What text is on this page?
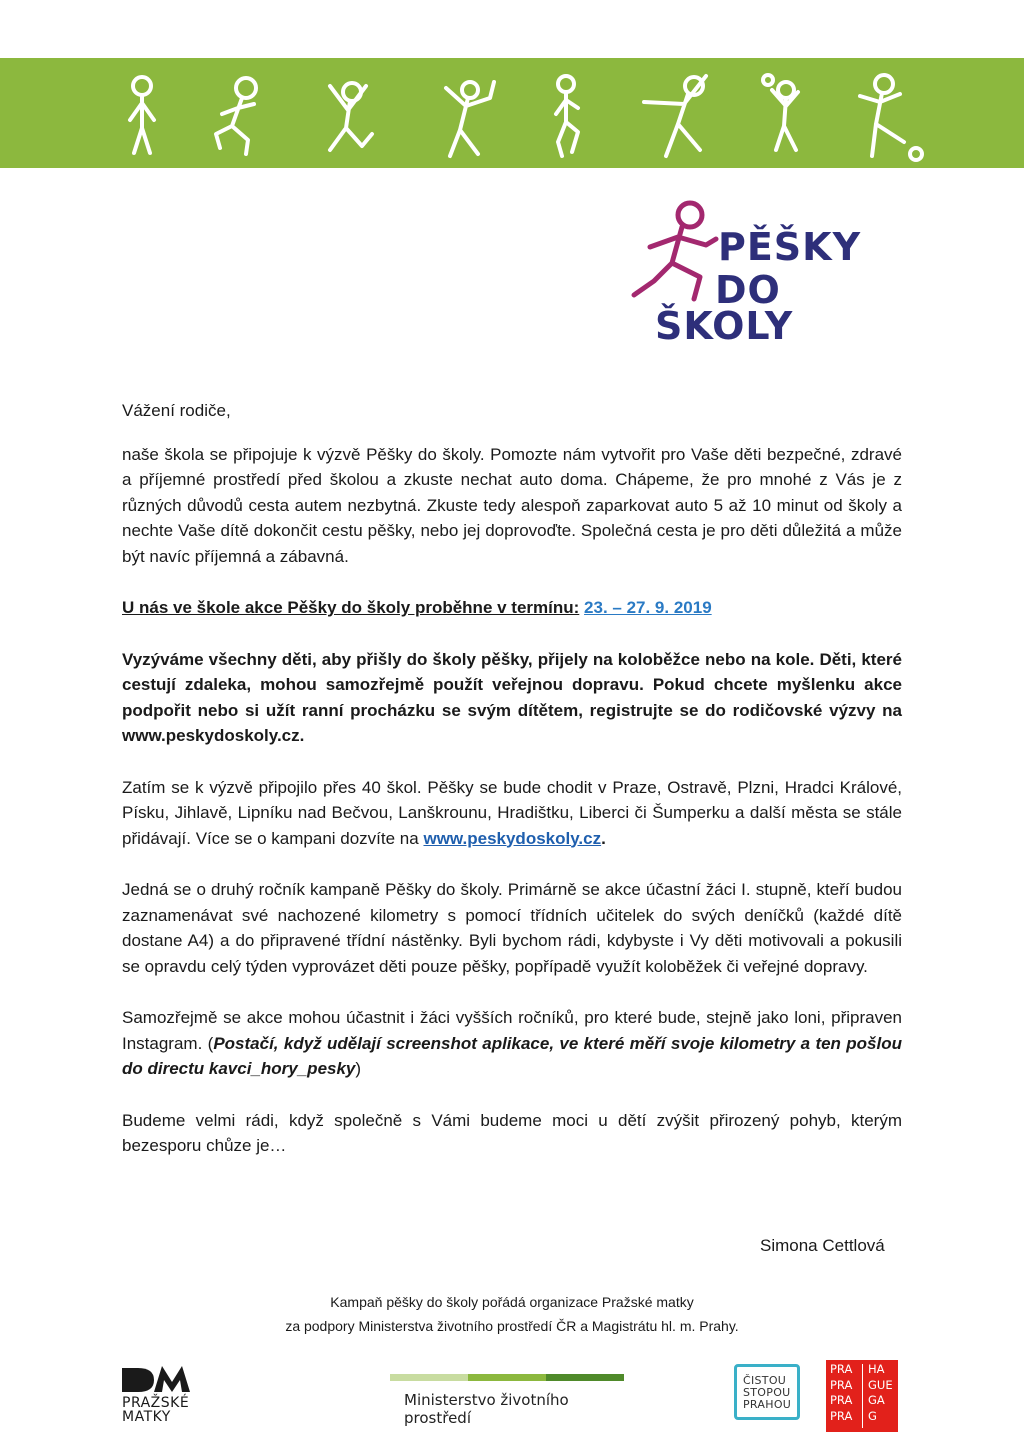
PĚŠKY
DO
ŠKOLY

Vážení rodiče,

naše škola se připojuje k výzvě Pěšky do školy. Pomozte nám vytvořit pro Vaše děti bezpečné, zdravé a příjemné prostředí před školou a zkuste nechat auto doma. Chápeme, že pro mnohé z Vás je z různých důvodů cesta autem nezbytná. Zkuste tedy alespoň zaparkovat auto 5 až 10 minut od školy a nechte Vaše dítě dokončit cestu pěšky, nebo jej doprovoďte. Společná cesta je pro děti důležitá a může být navíc příjemná a zábavná.

U nás ve škole akce Pěšky do školy proběhne v termínu: 23. – 27. 9. 2019

Vyzýváme všechny děti, aby přišly do školy pěšky, přijely na koloběžce nebo na kole. Děti, které cestují zdaleka, mohou samozřejmě použít veřejnou dopravu. Pokud chcete myšlenku akce podpořit nebo si užít ranní procházku se svým dítětem, registrujte se do rodičovské výzvy na www.peskydoskoly.cz.

Zatím se k výzvě připojilo přes 40 škol. Pěšky se bude chodit v Praze, Ostravě, Plzni, Hradci Králové, Písku, Jihlavě, Lipníku nad Bečvou, Lanškrounu, Hradištku, Liberci či Šumperku a další města se stále přidávají. Více se o kampani dozvíte na www.peskydoskoly.cz.

Jedná se o druhý ročník kampaně Pěšky do školy. Primárně se akce účastní žáci I. stupně, kteří budou zaznamenávat své nachozené kilometry s pomocí třídních učitelek do svých deníčků (každé dítě dostane A4) a do připravené třídní nástěnky. Byli bychom rádi, kdybyste i Vy děti motivovali a pokusili se opravdu celý týden vyprovázet děti pouze pěšky, popřípadě využít koloběžek či veřejné dopravy.

Samozřejmě se akce mohou účastnit i žáci vyšších ročníků, pro které bude, stejně jako loni, připraven Instagram. (Postačí, když udělají screenshot aplikace, ve které měří svoje kilometry a ten pošlou do directu kavci_hory_pesky)

Budeme velmi rádi, když společně s Vámi budeme moci u dětí zvýšit přirozený pohyb, kterým bezesporu chůze je…

Simona Cettlová
Kampaň pěšky do školy pořádá organizace Pražské matky
za podpory Ministerstva životního prostředí ČR a Magistrátu hl. m. Prahy.
PRAŽSKÉ
MATKY
Ministerstvo životního prostředí
ČISTOU
STOPOU
PRAHOU
PRA
PRA
PRA
PRA
HA
GUE
GA
G
